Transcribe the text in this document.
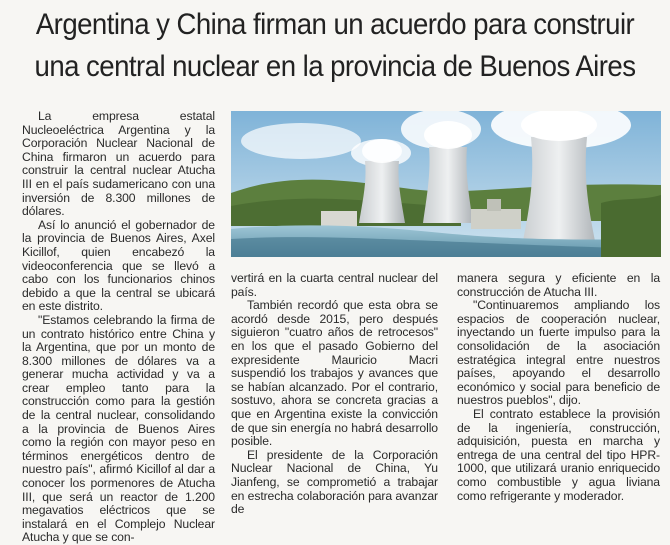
Argentina y China firman un acuerdo para construir
una central nuclear en la provincia de Buenos Aires

La empresa estatal Nucleoeléctrica Argentina y la Corporación Nuclear Nacional de China firmaron un acuerdo para construir la central nuclear Atucha III en el país sudamericano con una inversión de 8.300 millones de dólares.

Así lo anunció el gobernador de la provincia de Buenos Aires, Axel Kicillof, quien encabezó la videoconferencia que se llevó a cabo con los funcionarios chinos debido a que la central se ubicará en este distrito.

"Estamos celebrando la firma de un contrato histórico entre China y la Argentina, que por un monto de 8.300 millones de dólares va a generar mucha actividad y va a crear empleo tanto para la construcción como para la gestión de la central nuclear, consolidando a la provincia de Buenos Aires como la región con mayor peso en términos energéticos dentro de nuestro país", afirmó Kicillof al dar a conocer los pormenores de Atucha III, que será un reactor de 1.200 megavatios eléctricos que se instalará en el Complejo Nuclear Atucha y que se con-

vertirá en la cuarta central nuclear del país.

También recordó que esta obra se acordó desde 2015, pero después siguieron "cuatro años de retrocesos" en los que el pasado Gobierno del expresidente Mauricio Macri suspendió los trabajos y avances que se habían alcanzado. Por el contrario, sostuvo, ahora se concreta gracias a que en Argentina existe la convicción de que sin energía no habrá desarrollo posible.

El presidente de la Corporación Nuclear Nacional de China, Yu Jianfeng, se comprometió a trabajar en estrecha colaboración para avanzar de

manera segura y eficiente en la construcción de Atucha III.

"Continuaremos ampliando los espacios de cooperación nuclear, inyectando un fuerte impulso para la consolidación de la asociación estratégica integral entre nuestros países, apoyando el desarrollo económico y social para beneficio de nuestros pueblos", dijo.

El contrato establece la provisión de la ingeniería, construcción, adquisición, puesta en marcha y entrega de una central del tipo HPR-1000, que utilizará uranio enriquecido como combustible y agua liviana como refrigerante y moderador.
